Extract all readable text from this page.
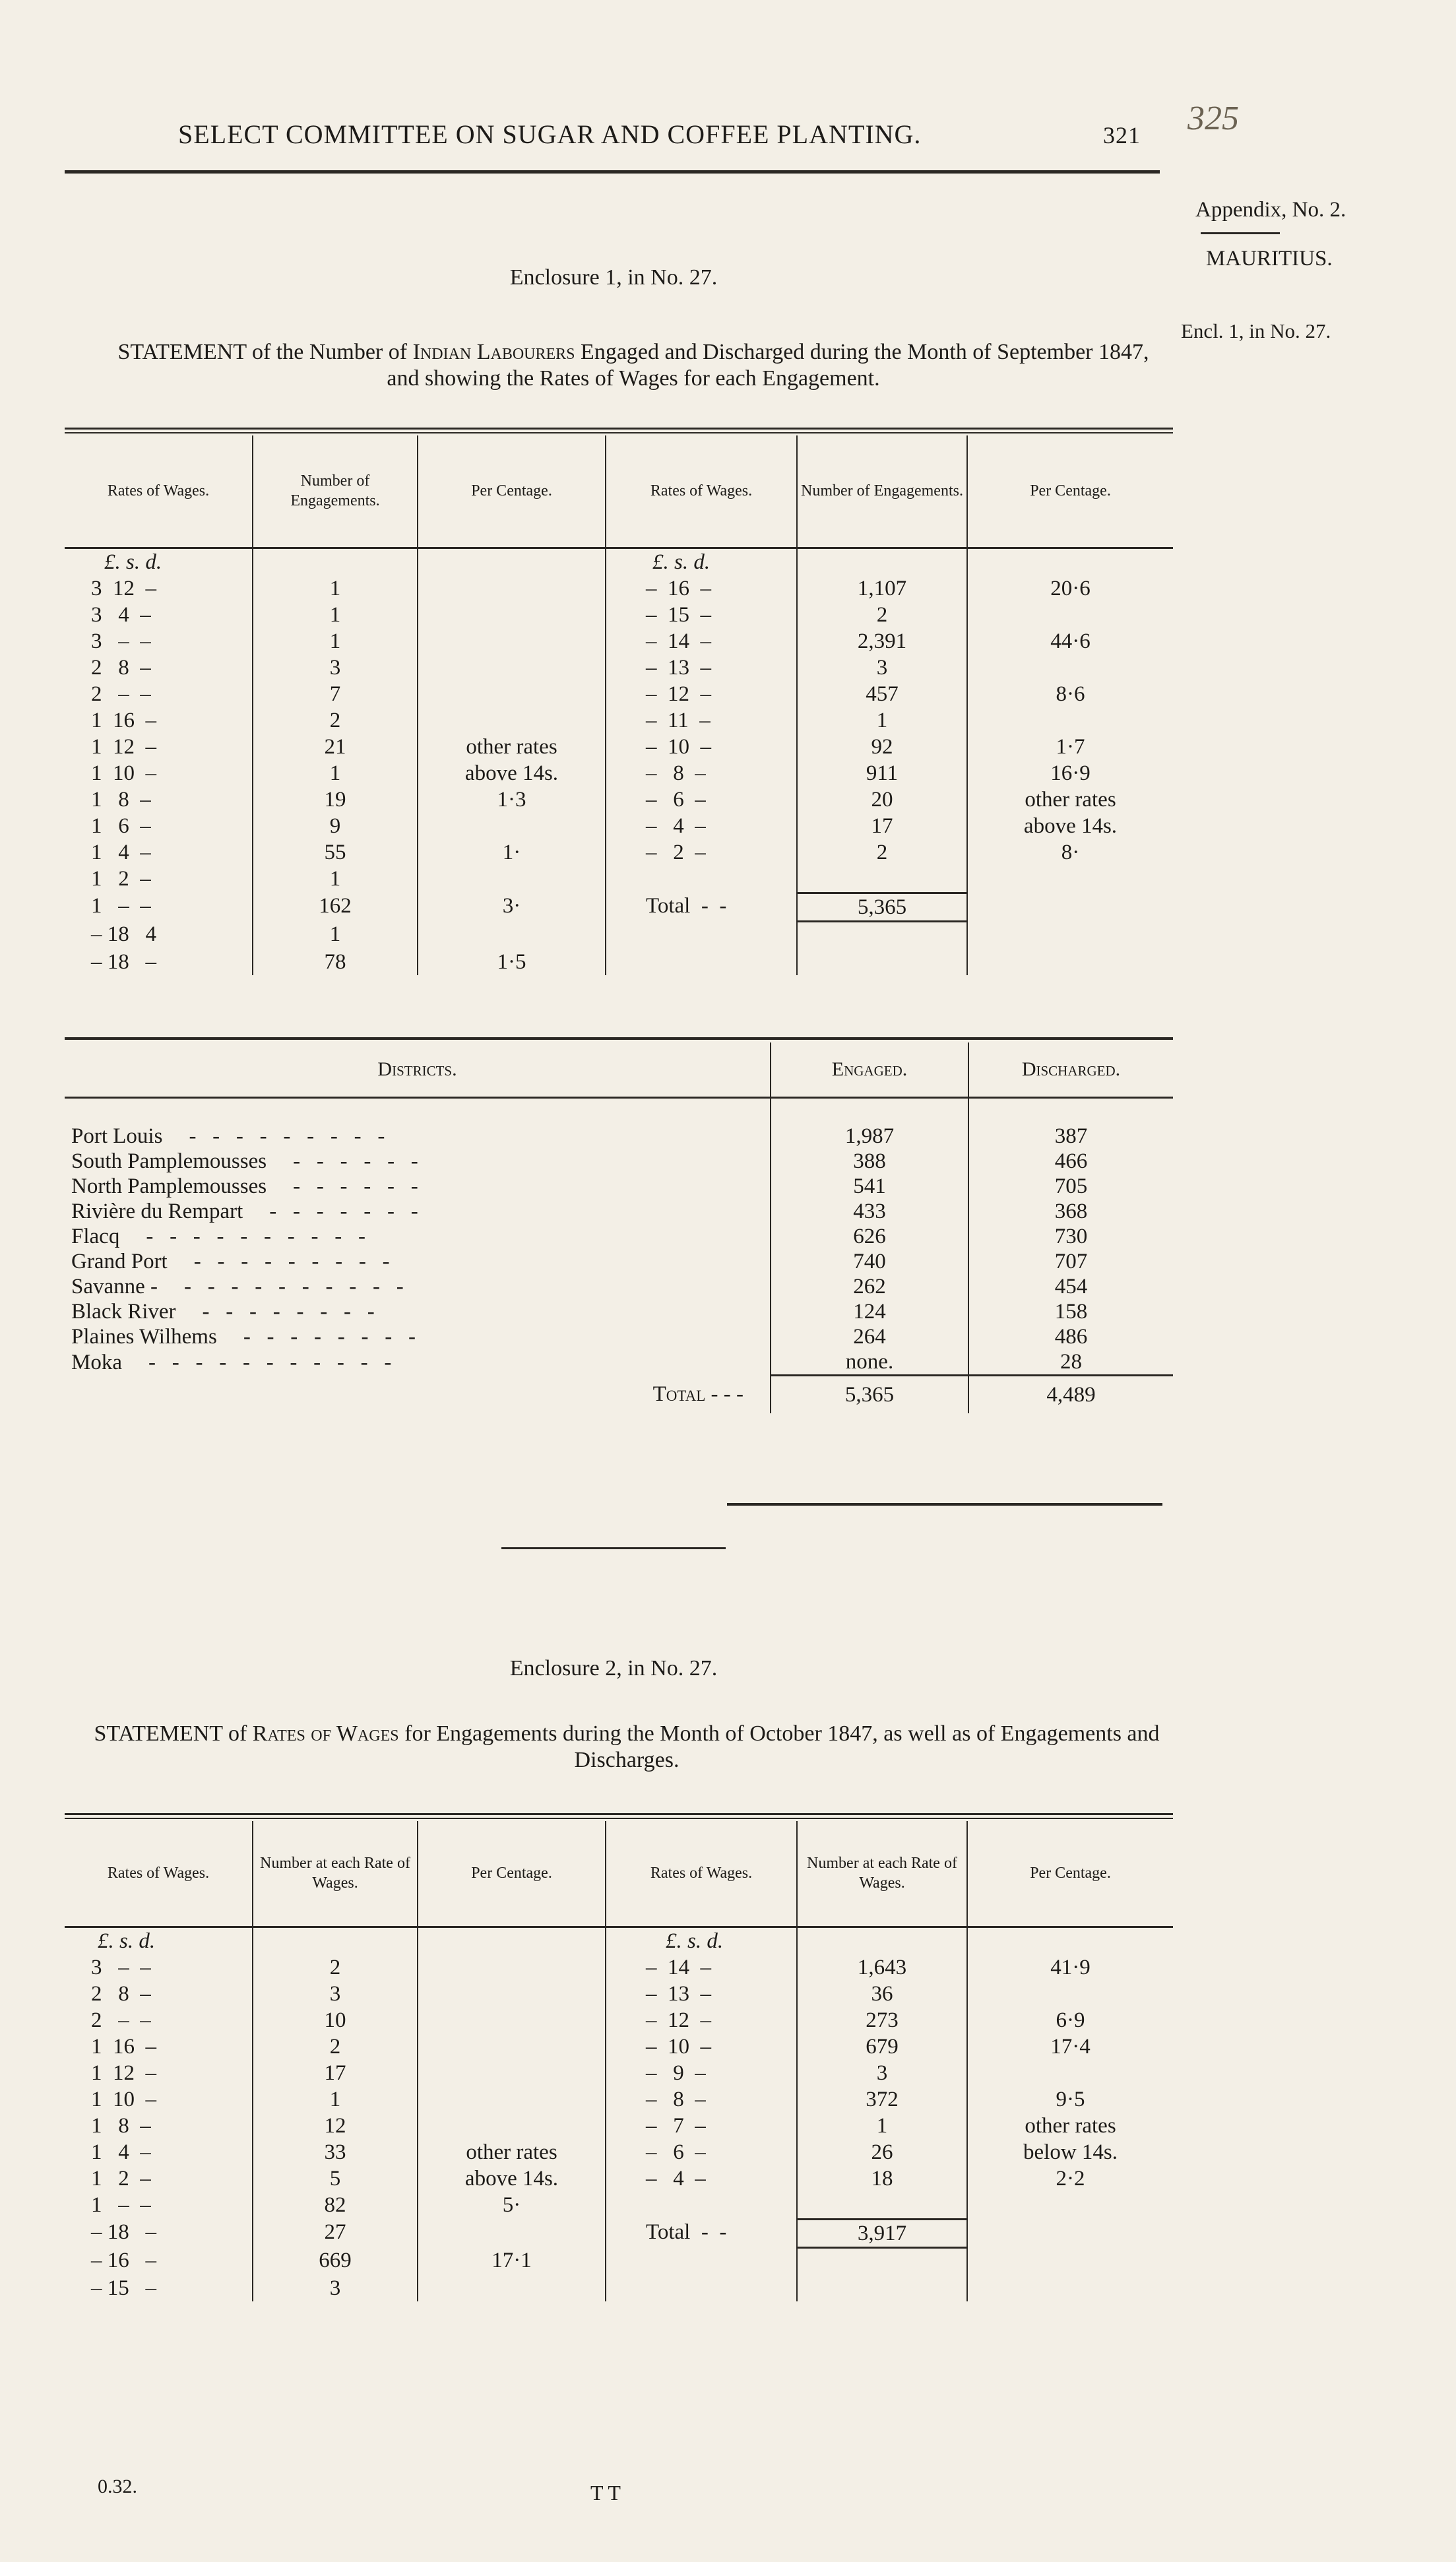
SELECT COMMITTEE ON SUGAR AND COFFEE PLANTING.	321 325
Appendix, No. 2.
MAURITIUS.
Encl. 1, in No. 27.
Enclosure 1, in No. 27.
STATEMENT of the Number of Indian Labourers Engaged and Discharged during the Month of September 1847, and showing the Rates of Wages for each Engagement.
Rates of Wages.	Number of Engagements.	Per Centage.	Rates of Wages.	Number of Engagements.	Per Centage.
£. s. d.			£. s. d.		
3  12  –	1		–  16  –	1,107	20·6
3   4  –	1		–  15  –	2	
3   –  –	1		–  14  –	2,391	44·6
2   8  –	3		–  13  –	3	
2   –  –	7		–  12  –	457	8·6
1  16  –	2		–  11  –	1	
1  12  –	21	other rates	–  10  –	92	1·7
1  10  –	1	above 14s.	–   8  –	911	16·9
1   8  –	19	1·3	–   6  –	20	other rates
1   6  –	9		–   4  –	17	above 14s.
1   4  –	55	1·	–   2  –	2	8·
1   2  –	1				
1   –  –	162	3·	Total  -  -	5,365	
– 18   4	1				
– 18   –	78	1·5			
Districts.	Engaged.	Discharged.

Port Louis -   -   -   -   -   -   -   -   -	1,987	387
South Pamplemousses -   -   -   -   -   -	388	466
North Pamplemousses -   -   -   -   -   -	541	705
Rivière du Rempart -   -   -   -   -   -   -	433	368
Flacq -   -   -   -   -   -   -   -   -   -	626	730
Grand Port -   -   -   -   -   -   -   -   -	740	707
Savanne - -   -   -   -   -   -   -   -   -   -	262	454
Black River -   -   -   -   -   -   -   -	124	158
Plaines Wilhems -   -   -   -   -   -   -   -	264	486
Moka -   -   -   -   -   -   -   -   -   -   -	none.	28
Total - - -	5,365	4,489
Enclosure 2, in No. 27.
STATEMENT of Rates of Wages for Engagements during the Month of October 1847, as well as of Engagements and Discharges.
Rates of Wages.	Number at each Rate of Wages.	Per Centage.	Rates of Wages.	Number at each Rate of Wages.	Per Centage.
£. s. d.			£. s. d.		
3   –  –	2		–  14  –	1,643	41·9
2   8  –	3		–  13  –	36	
2   –  –	10		–  12  –	273	6·9
1  16  –	2		–  10  –	679	17·4
1  12  –	17		–   9  –	3	
1  10  –	1		–   8  –	372	9·5
1   8  –	12		–   7  –	1	other rates
1   4  –	33	other rates	–   6  –	26	below 14s.
1   2  –	5	above 14s.	–   4  –	18	2·2
1   –  –	82	5·			
– 18   –	27		Total  -  -	3,917	
– 16   –	669	17·1			
– 15   –	3				
0.32.	T T
